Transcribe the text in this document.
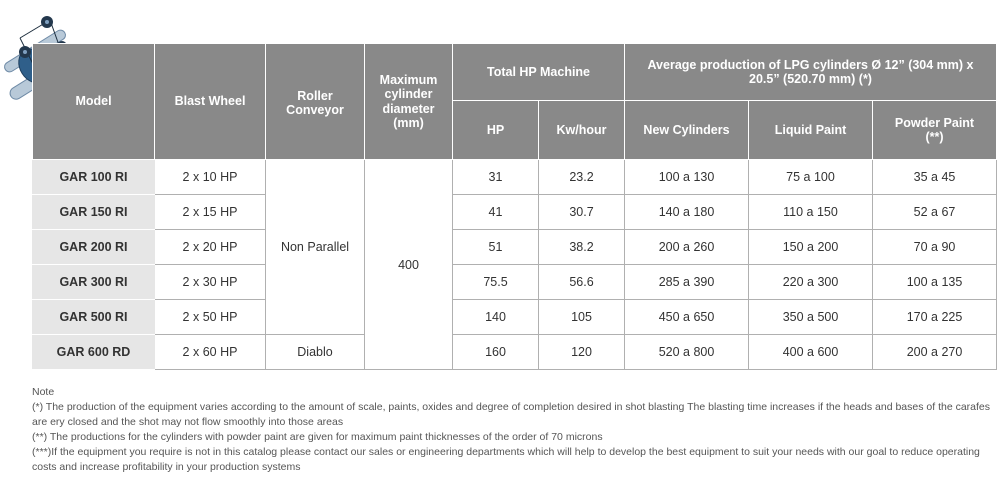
Model	Blast Wheel	Roller Conveyor	Maximum cylinder diameter (mm)	Total HP Machine		Average production of LPG cylinders Ø 12” (304 mm) x 20.5” (520.70 mm) (*)		
				HP	Kw/hour	New Cylinders	Liquid Paint	Powder Paint (**)
GAR 100 RI	2 x 10 HP	Non Parallel	400	31	23.2	100 a 130	75 a 100	35 a 45
GAR 150 RI	2 x 15 HP			41	30.7	140 a 180	110 a 150	52 a 67
GAR 200 RI	2 x 20 HP			51	38.2	200 a 260	150 a 200	70 a 90
GAR 300 RI	2 x 30 HP			75.5	56.6	285 a 390	220 a 300	100 a 135
GAR 500 RI	2 x 50 HP			140	105	450 a 650	350 a 500	170 a 225
GAR 600 RD	2 x 60 HP	Diablo		160	120	520 a 800	400 a 600	200 a 270
Note
(*) The production of the equipment varies according to the amount of scale, paints, oxides and degree of completion desired in shot blasting The blasting time increases if the heads and bases of the carafes are ery closed and the shot may not flow smoothly into those areas
(**) The productions for the cylinders with powder paint are given for maximum paint thicknesses of the order of 70 microns
(***)If the equipment you require is not in this catalog please contact our sales or engineering departments which will help to develop the best equipment to suit your needs with our goal to reduce operating costs and increase profitability in your production systems
